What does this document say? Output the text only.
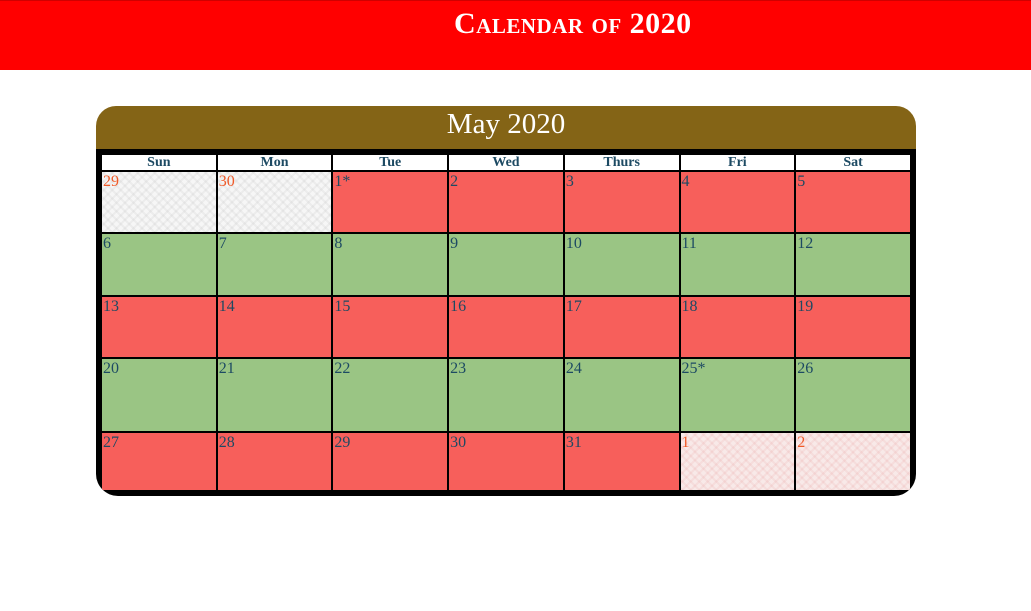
Calendar of 2020
May 2020
Sun	Mon	Tue	Wed	Thurs	Fri	Sat
29	30	1*	2	3	4	5
6	7	8	9	10	11	12
13	14	15	16	17	18	19
20	21	22	23	24	25*	26
27	28	29	30	31	1	2
